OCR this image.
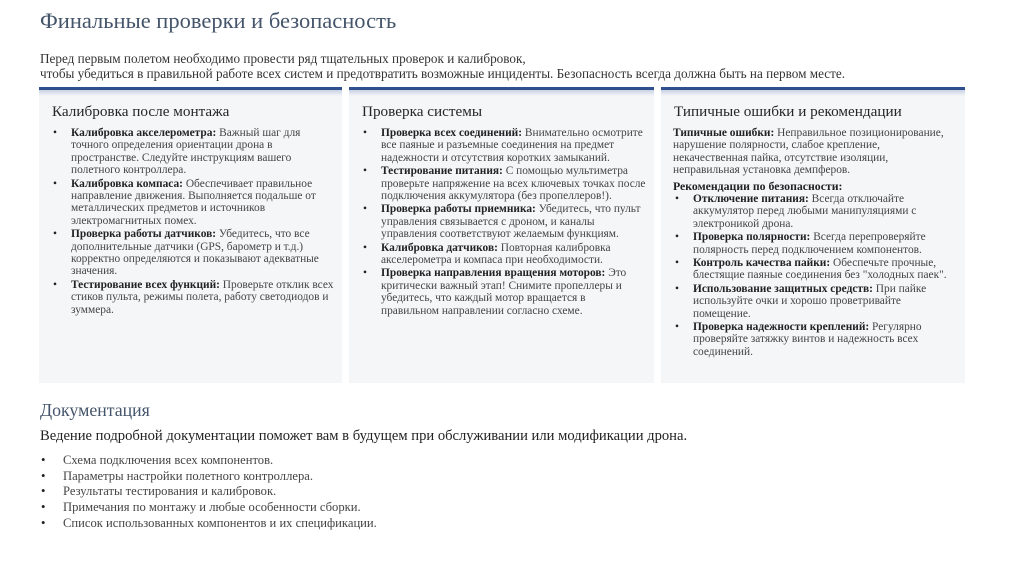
Финальные проверки и безопасность

Перед первым полетом необходимо провести ряд тщательных проверок и калибровок,

чтобы убедиться в правильной работе всех систем и предотвратить возможные инциденты. Безопасность всегда должна быть на первом месте.

Калибровка после монтажа
• Калибровка акселерометра: Важный шаг для точного определения ориентации дрона в пространстве. Следуйте инструкциям вашего полетного контроллера.
• Калибровка компаса: Обеспечивает правильное направление движения. Выполняется подальше от металлических предметов и источников электромагнитных помех.
• Проверка работы датчиков: Убедитесь, что все дополнительные датчики (GPS, барометр и т.д.) корректно определяются и показывают адекватные значения.
• Тестирование всех функций: Проверьте отклик всех стиков пульта, режимы полета, работу светодиодов и зуммера.
Проверка системы
• Проверка всех соединений: Внимательно осмотрите все паяные и разъемные соединения на предмет надежности и отсутствия коротких замыканий.
• Тестирование питания: С помощью мультиметра проверьте напряжение на всех ключевых точках после подключения аккумулятора (без пропеллеров!).
• Проверка работы приемника: Убедитесь, что пульт управления связывается с дроном, и каналы управления соответствуют желаемым функциям.
• Калибровка датчиков: Повторная калибровка акселерометра и компаса при необходимости.
• Проверка направления вращения моторов: Это критически важный этап! Снимите пропеллеры и убедитесь, что каждый мотор вращается в правильном направлении согласно схеме.
Типичные ошибки и рекомендации

Типичные ошибки: Неправильное позиционирование, нарушение полярности, слабое крепление, некачественная пайка, отсутствие изоляции, неправильная установка демпферов.

Рекомендации по безопасности:

• Отключение питания: Всегда отключайте аккумулятор перед любыми манипуляциями с электроникой дрона.
• Проверка полярности: Всегда перепроверяйте полярность перед подключением компонентов.
• Контроль качества пайки: Обеспечьте прочные, блестящие паяные соединения без "холодных паек".
• Использование защитных средств: При пайке используйте очки и хорошо проветривайте помещение.
• Проверка надежности креплений: Регулярно проверяйте затяжку винтов и надежность всех соединений.
Документация

Ведение подробной документации поможет вам в будущем при обслуживании или модификации дрона.

• Схема подключения всех компонентов.
• Параметры настройки полетного контроллера.
• Результаты тестирования и калибровок.
• Примечания по монтажу и любые особенности сборки.
• Список использованных компонентов и их спецификации.
